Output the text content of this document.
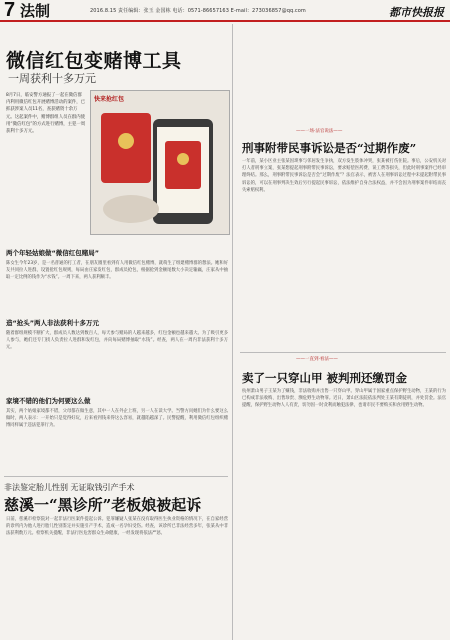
7 法制	2016.8.15 责任编辑：张玉 金国栋 电话：0571-86657163 E-mail：273036857@qq.com	都市快报报
微信红包变赌博工具
一周获利十多万元
8月7日，临安警方通报了一起在微信群内利用微信红包开展赌博活动的案件，已抓获涉案人员11名，查获赌资十余万元。这起案件中，赌博群组人员在群内使用“微信红包”的方式进行赌博，主犯一周获利十多万元。
快来抢红包
两个年轻姑娘做“微信红包赌局”
陈女生今年23岁，是一名普通的打工者，在朋友圈里看到有人用微信红包赌博，就萌生了组建赌博群的想法。她和好友共同拉人进群，设置抢红包规则，每局由庄家发红包，群成员抢包，根据抢到金额尾数大小决定输赢，庄家从中抽取一定比例的钱作为“水钱”。一周下来，两人获利颇丰。
造“抢头”两人非法获利十多万元
随着群组规模不断扩大，群成员人数达到数百人，每天参与赌局的人越来越多，红包金额也越来越大。为了吸引更多人参与，她们还专门找人负责拉人进群和发红包，并向每局赌博抽取“水钱”。经查，两人在一周内非法获利十多万元。
家境不错的他们为何要这么做
其实，两个姑娘家境都不错，父母都在做生意，其中一人在外企上班，另一人在读大学。当警方问她们为什么要这么做时，两人表示：一开始只是觉得好玩，后来看到钱来得这么容易，就越陷越深了。民警提醒，利用微信红包组织赌博同样属于违法犯罪行为。
非法鉴定胎儿性别 无证取钱引产手术
慈溪一“黑诊所”老板娘被起诉
日前，慈溪市检察院对一起非法行医案件提起公诉。犯罪嫌疑人张某在没有取得医生执业资格的情况下，在自家经营的诊所内为他人进行胎儿性别鉴定并实施引产手术，造成一名孕妇受伤。经查，该诊所已非法经营多年，张某从中非法获利数万元。检察机关提醒，非法行医危害群众生命健康，一经发现将依法严惩。
——一场·法官说法——
刑事附带民事诉讼是否“过期作废”
一年前，某小区业主张某因琐事与邻居发生争执，双方发生肢体冲突，张某被打伤住院。事后，公安机关对打人者刑事立案，张某想提起刑事附带民事诉讼，要求赔偿医药费、误工费等损失，但此时刑事案件已经审理终结。那么，刑事附带民事诉讼是否会“过期作废”？法官表示，被害人在刑事诉讼过程中未提起附带民事诉讼的，可以在刑事判决生效后另行提起民事诉讼，依法维护自身合法权益，并不会因为刑事案件审结而丧失索赔权利。
——一直到·看法——
卖了一只穿山甲 被判刑还缴罚金
杭州萧山男子王某为了赚钱，非法收购并出售一只穿山甲。穿山甲属于国家重点保护野生动物，王某的行为已构成非法收购、出售珍贵、濒危野生动物罪。近日，萧山区法院依法判处王某有期徒刑，并处罚金。法官提醒，保护野生动物人人有责，切勿因一时贪利而触犯法律，也请市民不要购买和食用野生动物。
